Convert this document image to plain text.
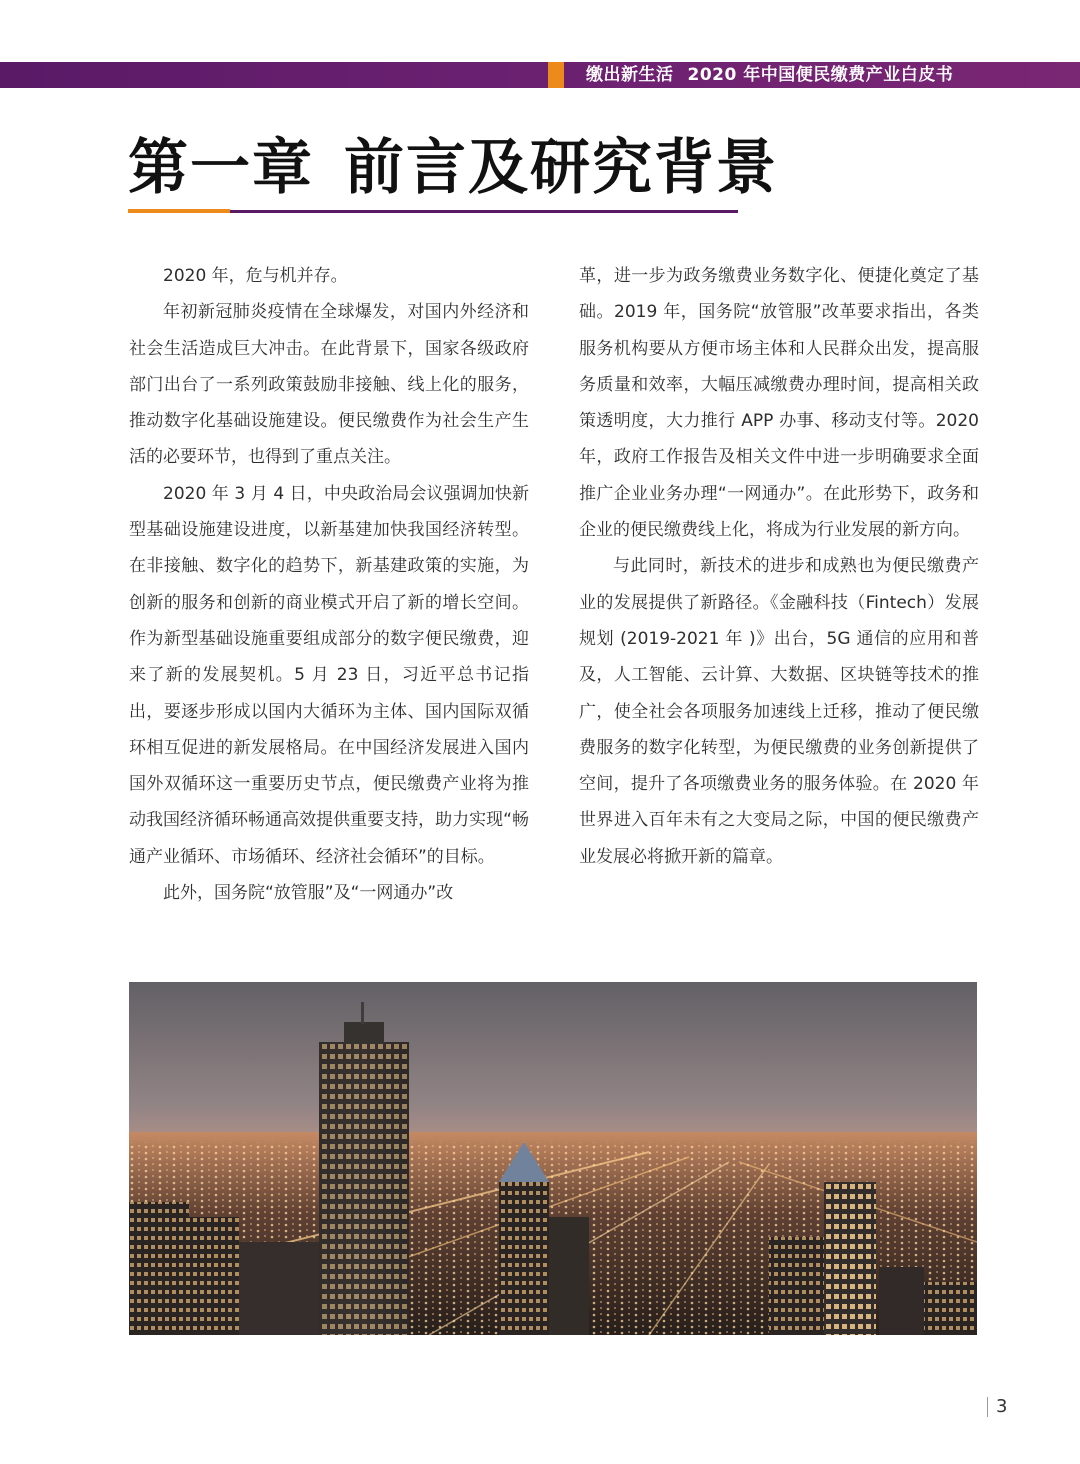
缴出新生活 2020 年中国便民缴费产业白皮书
第一章 前言及研究背景

2020 年，危与机并存。

年初新冠肺炎疫情在全球爆发，对国内外经济和社会生活造成巨大冲击。在此背景下，国家各级政府部门出台了一系列政策鼓励非接触、线上化的服务，推动数字化基础设施建设。便民缴费作为社会生产生活的必要环节，也得到了重点关注。

2020 年 3 月 4 日，中央政治局会议强调加快新型基础设施建设进度，以新基建加快我国经济转型。在非接触、数字化的趋势下，新基建政策的实施，为创新的服务和创新的商业模式开启了新的增长空间。作为新型基础设施重要组成部分的数字便民缴费，迎来了新的发展契机。5 月 23 日，习近平总书记指出，要逐步形成以国内大循环为主体、国内国际双循环相互促进的新发展格局。在中国经济发展进入国内国外双循环这一重要历史节点，便民缴费产业将为推动我国经济循环畅通高效提供重要支持，助力实现“畅通产业循环、市场循环、经济社会循环”的目标。

此外，国务院“放管服”及“一网通办”改

革，进一步为政务缴费业务数字化、便捷化奠定了基础。2019 年，国务院“放管服”改革要求指出，各类服务机构要从方便市场主体和人民群众出发，提高服务质量和效率，大幅压减缴费办理时间，提高相关政策透明度，大力推行 APP 办事、移动支付等。2020 年，政府工作报告及相关文件中进一步明确要求全面推广企业业务办理“一网通办”。在此形势下，政务和企业的便民缴费线上化，将成为行业发展的新方向。

与此同时，新技术的进步和成熟也为便民缴费产业的发展提供了新路径。《金融科技（Fintech）发展规划 (2019-2021 年 )》出台，5G 通信的应用和普及，人工智能、云计算、大数据、区块链等技术的推广，使全社会各项服务加速线上迁移，推动了便民缴费服务的数字化转型，为便民缴费的业务创新提供了空间，提升了各项缴费业务的服务体验。在 2020 年世界进入百年未有之大变局之际，中国的便民缴费产业发展必将掀开新的篇章。

3
